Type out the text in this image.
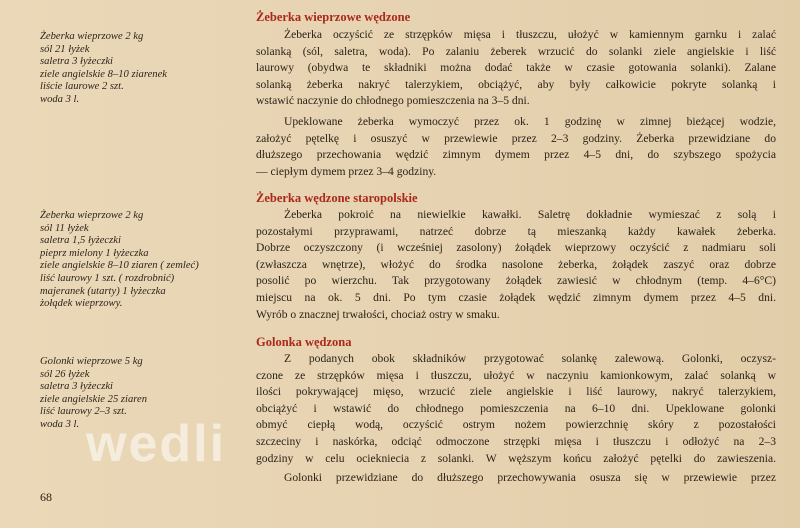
Żeberka wieprzowe 2 kg
sól 21 łyżek
saletra 3 łyżeczki
ziele angielskie 8–10 ziarenek
liście laurowe 2 szt.
woda 3 l.
Żeberka wieprzowe 2 kg
sól 11 łyżek
saletra 1,5 łyżeczki
pieprz mielony 1 łyżeczka
ziele angielskie 8–10 ziaren ( zemleć)
liść laurowy 1 szt. ( rozdrobnić)
majeranek (utarty) 1 łyżeczka
żołądek wieprzowy.
Golonki wieprzowe 5 kg
sól 26 łyżek
saletra 3 łyżeczki
ziele angielskie 25 ziaren
liść laurowy 2–3 szt.
woda 3 l.
Żeberka wieprzowe wędzone
Żeberka wędzone staropolskie
Golonka wędzona
Żeberka oczyścić ze strzępków mięsa i tłuszczu, ułożyć w kamiennym garnku i zalać
solanką (sól, saletra, woda). Po zalaniu żeberek wrzucić do solanki ziele angielskie i liść
laurowy (obydwa te składniki można dodać także w czasie gotowania solanki). Zalane
solanką żeberka nakryć talerzykiem, obciążyć, aby były całkowicie pokryte solanką i
wstawić naczynie do chłodnego pomieszczenia na 3–5 dni.
Upeklowane żeberka wymoczyć przez ok. 1 godzinę w zimnej bieżącej wodzie,
założyć pętelkę i osuszyć w przewiewie przez 2–3 godziny. Żeberka przewidziane do
dłuższego przechowania wędzić zimnym dymem przez 4–5 dni, do szybszego spożycia
— ciepłym dymem przez 3–4 godziny.
Żeberka pokroić na niewielkie kawałki. Saletrę dokładnie wymieszać z solą i
pozostałymi przyprawami, natrzeć dobrze tą mieszanką każdy kawałek żeberka.
Dobrze oczyszczony (i wcześniej zasolony) żołądek wieprzowy oczyścić z nadmiaru soli
(zwłaszcza wnętrze), włożyć do środka nasolone żeberka, żołądek zaszyć oraz dobrze
posolić po wierzchu. Tak przygotowany żołądek zawiesić w chłodnym (temp. 4–6°C)
miejscu na ok. 5 dni. Po tym czasie żołądek wędzić zimnym dymem przez 4–5 dni.
Wyrób o znacznej trwałości, chociaż ostry w smaku.
Z podanych obok składników przygotować solankę zalewową. Golonki, oczysz-
czone ze strzępków mięsa i tłuszczu, ułożyć w naczyniu kamionkowym, zalać solanką w
ilości pokrywającej mięso, wrzucić ziele angielskie i liść laurowy, nakryć talerzykiem,
obciążyć i wstawić do chłodnego pomieszczenia na 6–10 dni. Upeklowane golonki
obmyć ciepłą wodą, oczyścić ostrym nożem powierzchnię skóry z pozostałości
szczeciny i naskórka, odciąć odmoczone strzępki mięsa i tłuszczu i odłożyć na 2–3
godziny w celu ociekniecia z solanki. W węższym końcu założyć pętelki do zawieszenia.
Golonki przewidziane do dłuższego przechowywania osusza się w przewiewie przez
wedli
68
